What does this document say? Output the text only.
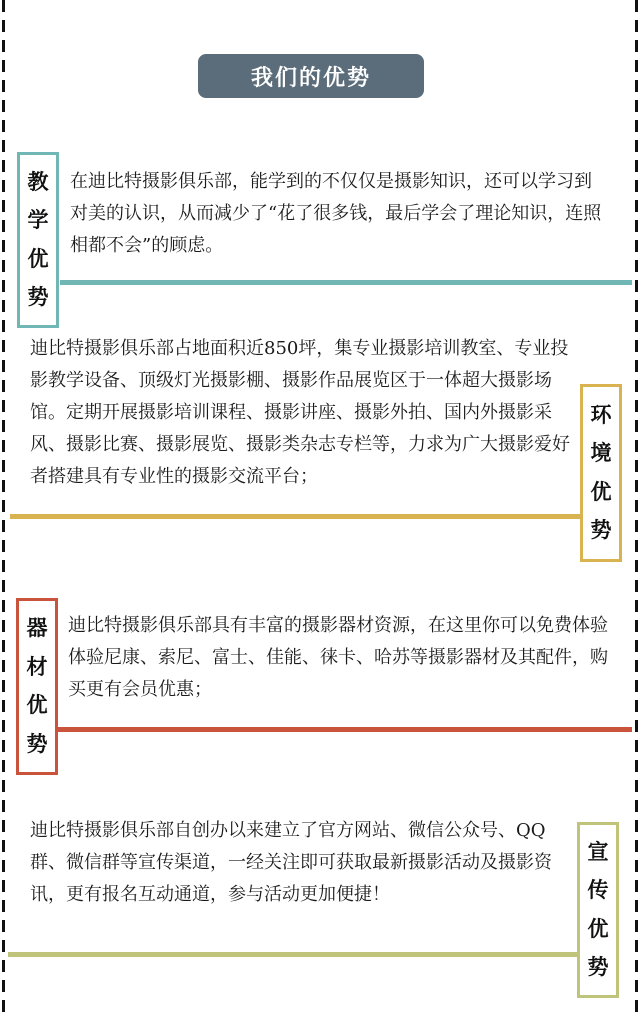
我们的优势
教
学
优
势

在迪比特摄影俱乐部，能学到的不仅仅是摄影知识，还可以学习到对美的认识，从而减少了“花了很多钱，最后学会了理论知识，连照相都不会”的顾虑。

迪比特摄影俱乐部占地面积近850坪，集专业摄影培训教室、专业投影教学设备、顶级灯光摄影棚、摄影作品展览区于一体超大摄影场馆。定期开展摄影培训课程、摄影讲座、摄影外拍、国内外摄影采风、摄影比赛、摄影展览、摄影类杂志专栏等，力求为广大摄影爱好者搭建具有专业性的摄影交流平台；

环
境
优
势
器
材
优
势

迪比特摄影俱乐部具有丰富的摄影器材资源，在这里你可以免费体验体验尼康、索尼、富士、佳能、徕卡、哈苏等摄影器材及其配件，购买更有会员优惠；

迪比特摄影俱乐部自创办以来建立了官方网站、微信公众号、QQ群、微信群等宣传渠道，一经关注即可获取最新摄影活动及摄影资讯，更有报名互动通道，参与活动更加便捷！

宣
传
优
势
